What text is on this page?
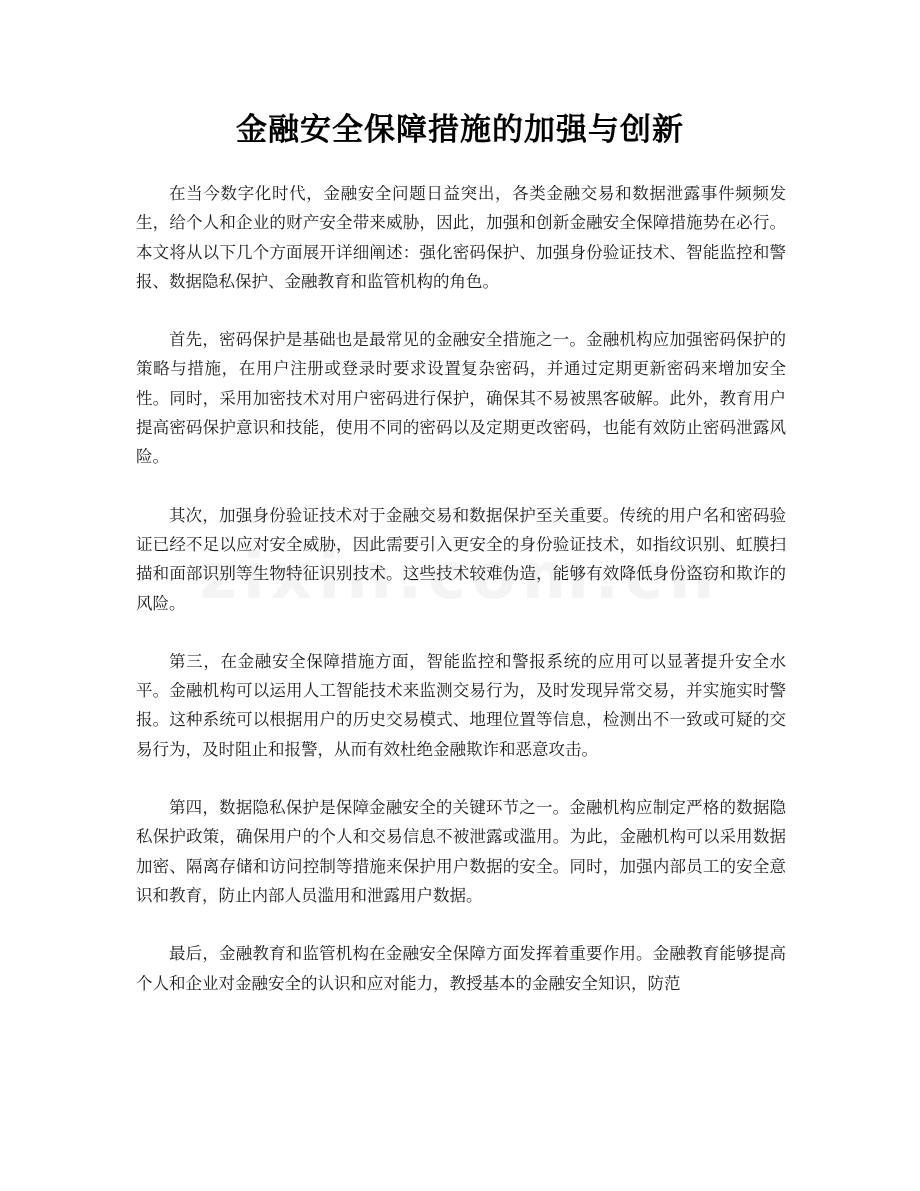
金融安全保障措施的加强与创新

在当今数字化时代，金融安全问题日益突出，各类金融交易和数据泄露事件频频发生，给个人和企业的财产安全带来威胁，因此，加强和创新金融安全保障措施势在必行。本文将从以下几个方面展开详细阐述：强化密码保护、加强身份验证技术、智能监控和警报、数据隐私保护、金融教育和监管机构的角色。

首先，密码保护是基础也是最常见的金融安全措施之一。金融机构应加强密码保护的策略与措施，在用户注册或登录时要求设置复杂密码，并通过定期更新密码来增加安全性。同时，采用加密技术对用户密码进行保护，确保其不易被黑客破解。此外，教育用户提高密码保护意识和技能，使用不同的密码以及定期更改密码，也能有效防止密码泄露风险。

其次，加强身份验证技术对于金融交易和数据保护至关重要。传统的用户名和密码验证已经不足以应对安全威胁，因此需要引入更安全的身份验证技术，如指纹识别、虹膜扫描和面部识别等生物特征识别技术。这些技术较难伪造，能够有效降低身份盗窃和欺诈的风险。

第三，在金融安全保障措施方面，智能监控和警报系统的应用可以显著提升安全水平。金融机构可以运用人工智能技术来监测交易行为，及时发现异常交易，并实施实时警报。这种系统可以根据用户的历史交易模式、地理位置等信息，检测出不一致或可疑的交易行为，及时阻止和报警，从而有效杜绝金融欺诈和恶意攻击。

第四，数据隐私保护是保障金融安全的关键环节之一。金融机构应制定严格的数据隐私保护政策，确保用户的个人和交易信息不被泄露或滥用。为此，金融机构可以采用数据加密、隔离存储和访问控制等措施来保护用户数据的安全。同时，加强内部员工的安全意识和教育，防止内部人员滥用和泄露用户数据。

最后，金融教育和监管机构在金融安全保障方面发挥着重要作用。金融教育能够提高个人和企业对金融安全的认识和应对能力，教授基本的金融安全知识，防范
